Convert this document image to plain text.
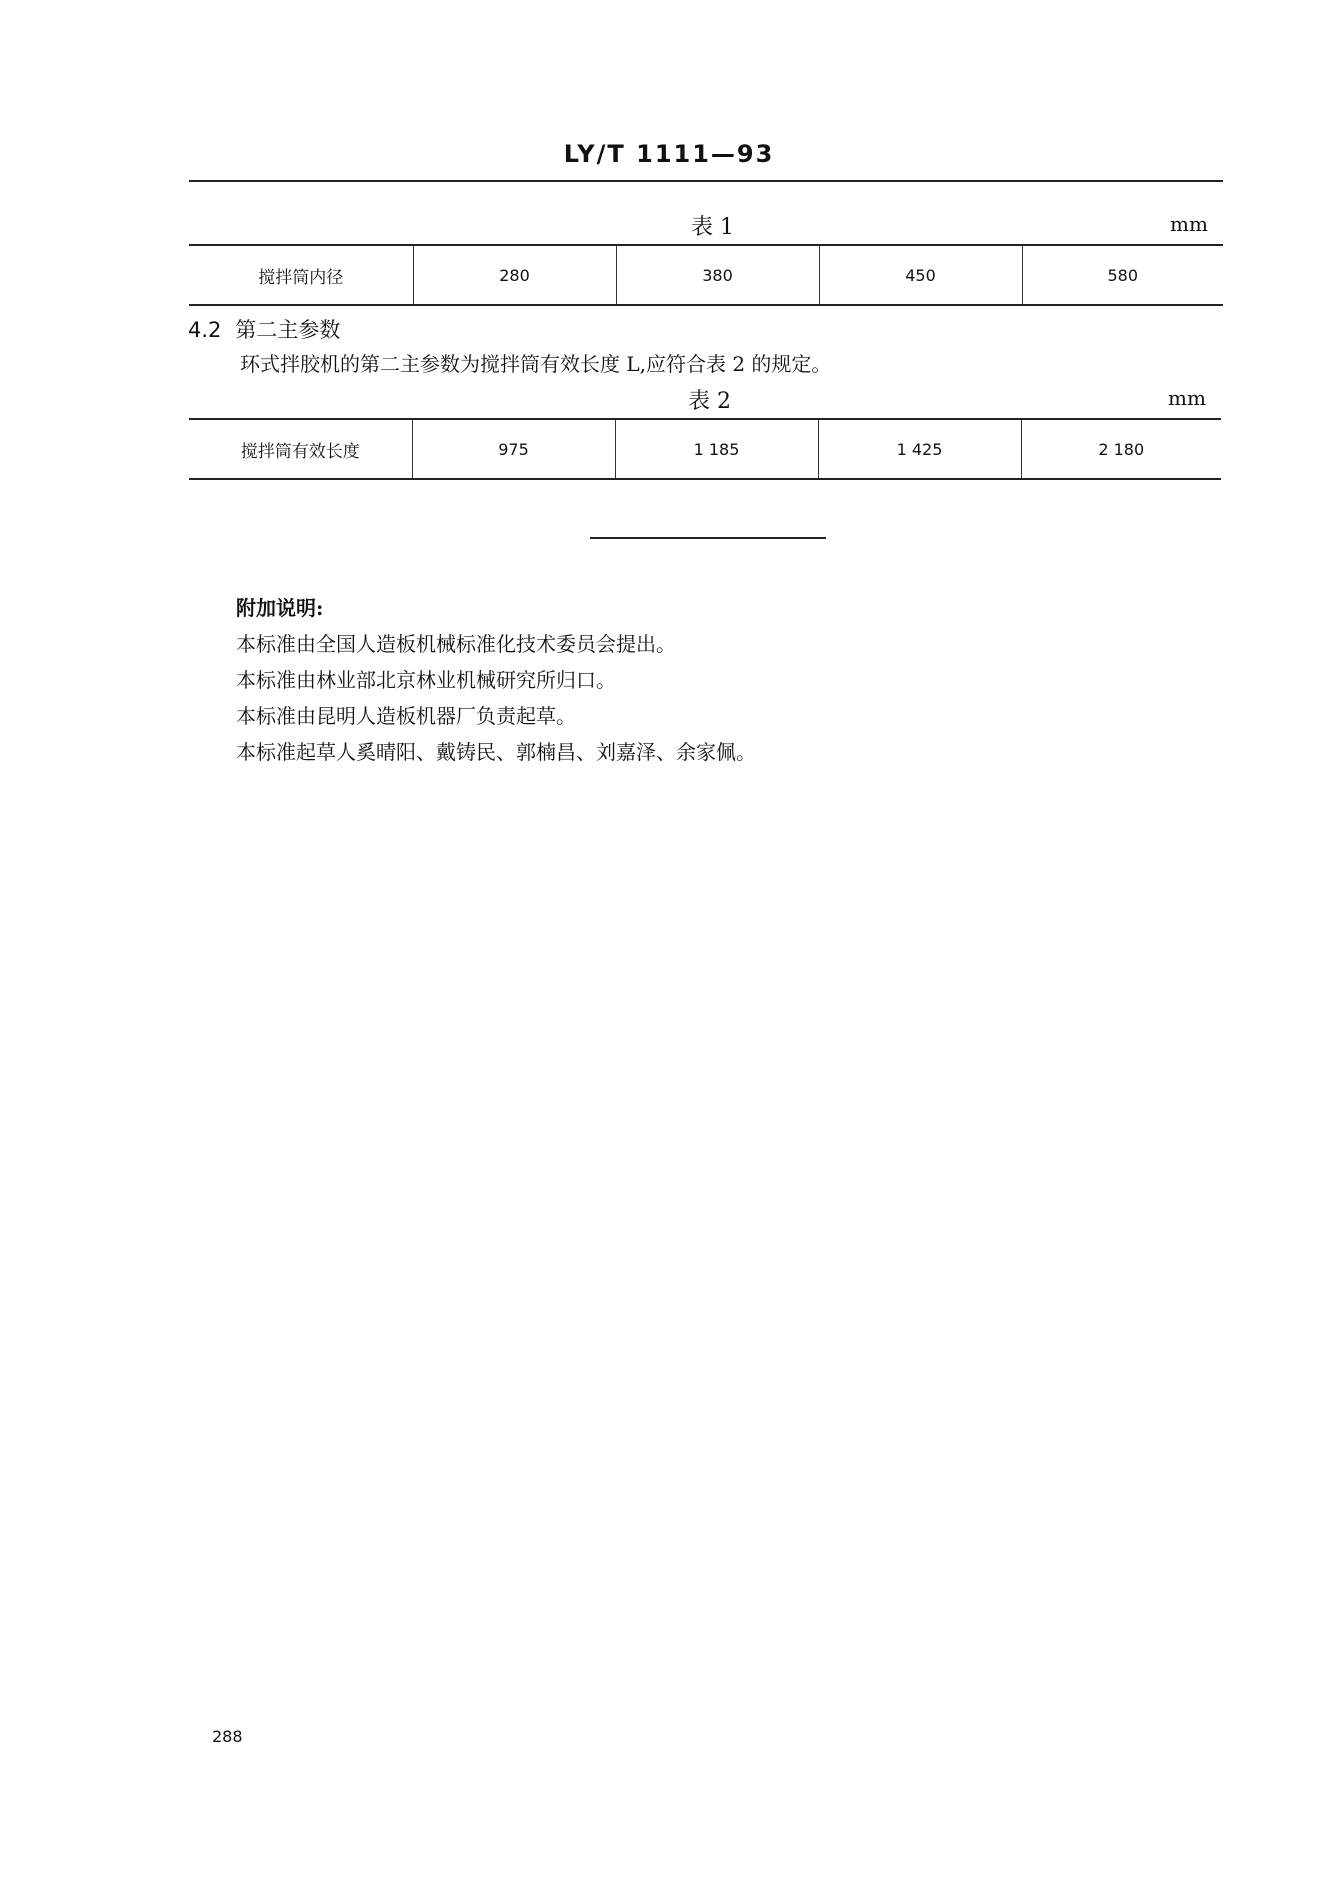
LY/T 1111—93
表 1	mm
搅拌筒内径	280	380	450	580
4.2 第二主参数
环式拌胶机的第二主参数为搅拌筒有效长度 L,应符合表 2 的规定。
表 2	mm
搅拌筒有效长度	975	1 185	1 425	2 180
附加说明:
本标准由全国人造板机械标准化技术委员会提出。
本标准由林业部北京林业机械研究所归口。
本标准由昆明人造板机器厂负责起草。
本标准起草人奚晴阳、戴铸民、郭楠昌、刘嘉泽、余家佩。
288
